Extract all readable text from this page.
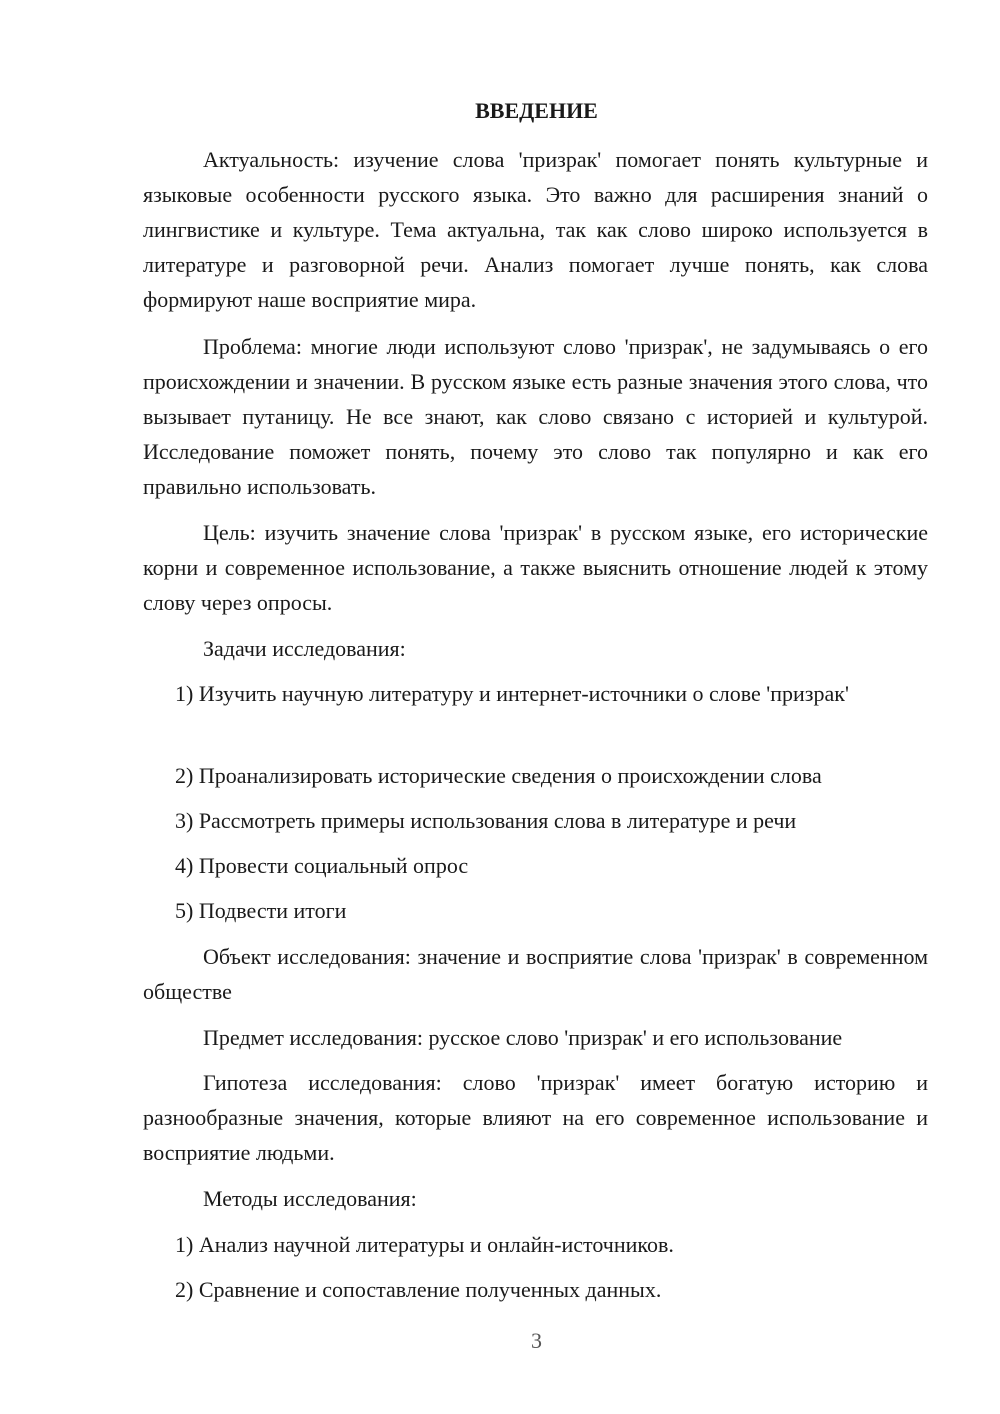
ВВЕДЕНИЕ

Актуальность: изучение слова 'призрак' помогает понять культурные и языковые особенности русского языка. Это важно для расширения знаний о лингвистике и культуре. Тема актуальна, так как слово широко используется в литературе и разговорной речи. Анализ помогает лучше понять, как слова формируют наше восприятие мира.

Проблема: многие люди используют слово 'призрак', не задумываясь о его происхождении и значении. В русском языке есть разные значения этого слова, что вызывает путаницу. Не все знают, как слово связано с историей и культурой. Исследование поможет понять, почему это слово так популярно и как его правильно использовать.

Цель: изучить значение слова 'призрак' в русском языке, его исторические корни и современное использование, а также выяснить отношение людей к этому слову через опросы.

Задачи исследования:

1) Изучить научную литературу и интернет-источники о слове 'призрак'

2) Проанализировать исторические сведения о происхождении слова

3) Рассмотреть примеры использования слова в литературе и речи

4) Провести социальный опрос

5) Подвести итоги

Объект исследования: значение и восприятие слова 'призрак' в современном обществе

Предмет исследования: русское слово 'призрак' и его использование

Гипотеза исследования: слово 'призрак' имеет богатую историю и разнообразные значения, которые влияют на его современное использование и восприятие людьми.

Методы исследования:

1) Анализ научной литературы и онлайн-источников.

2) Сравнение и сопоставление полученных данных.

3
